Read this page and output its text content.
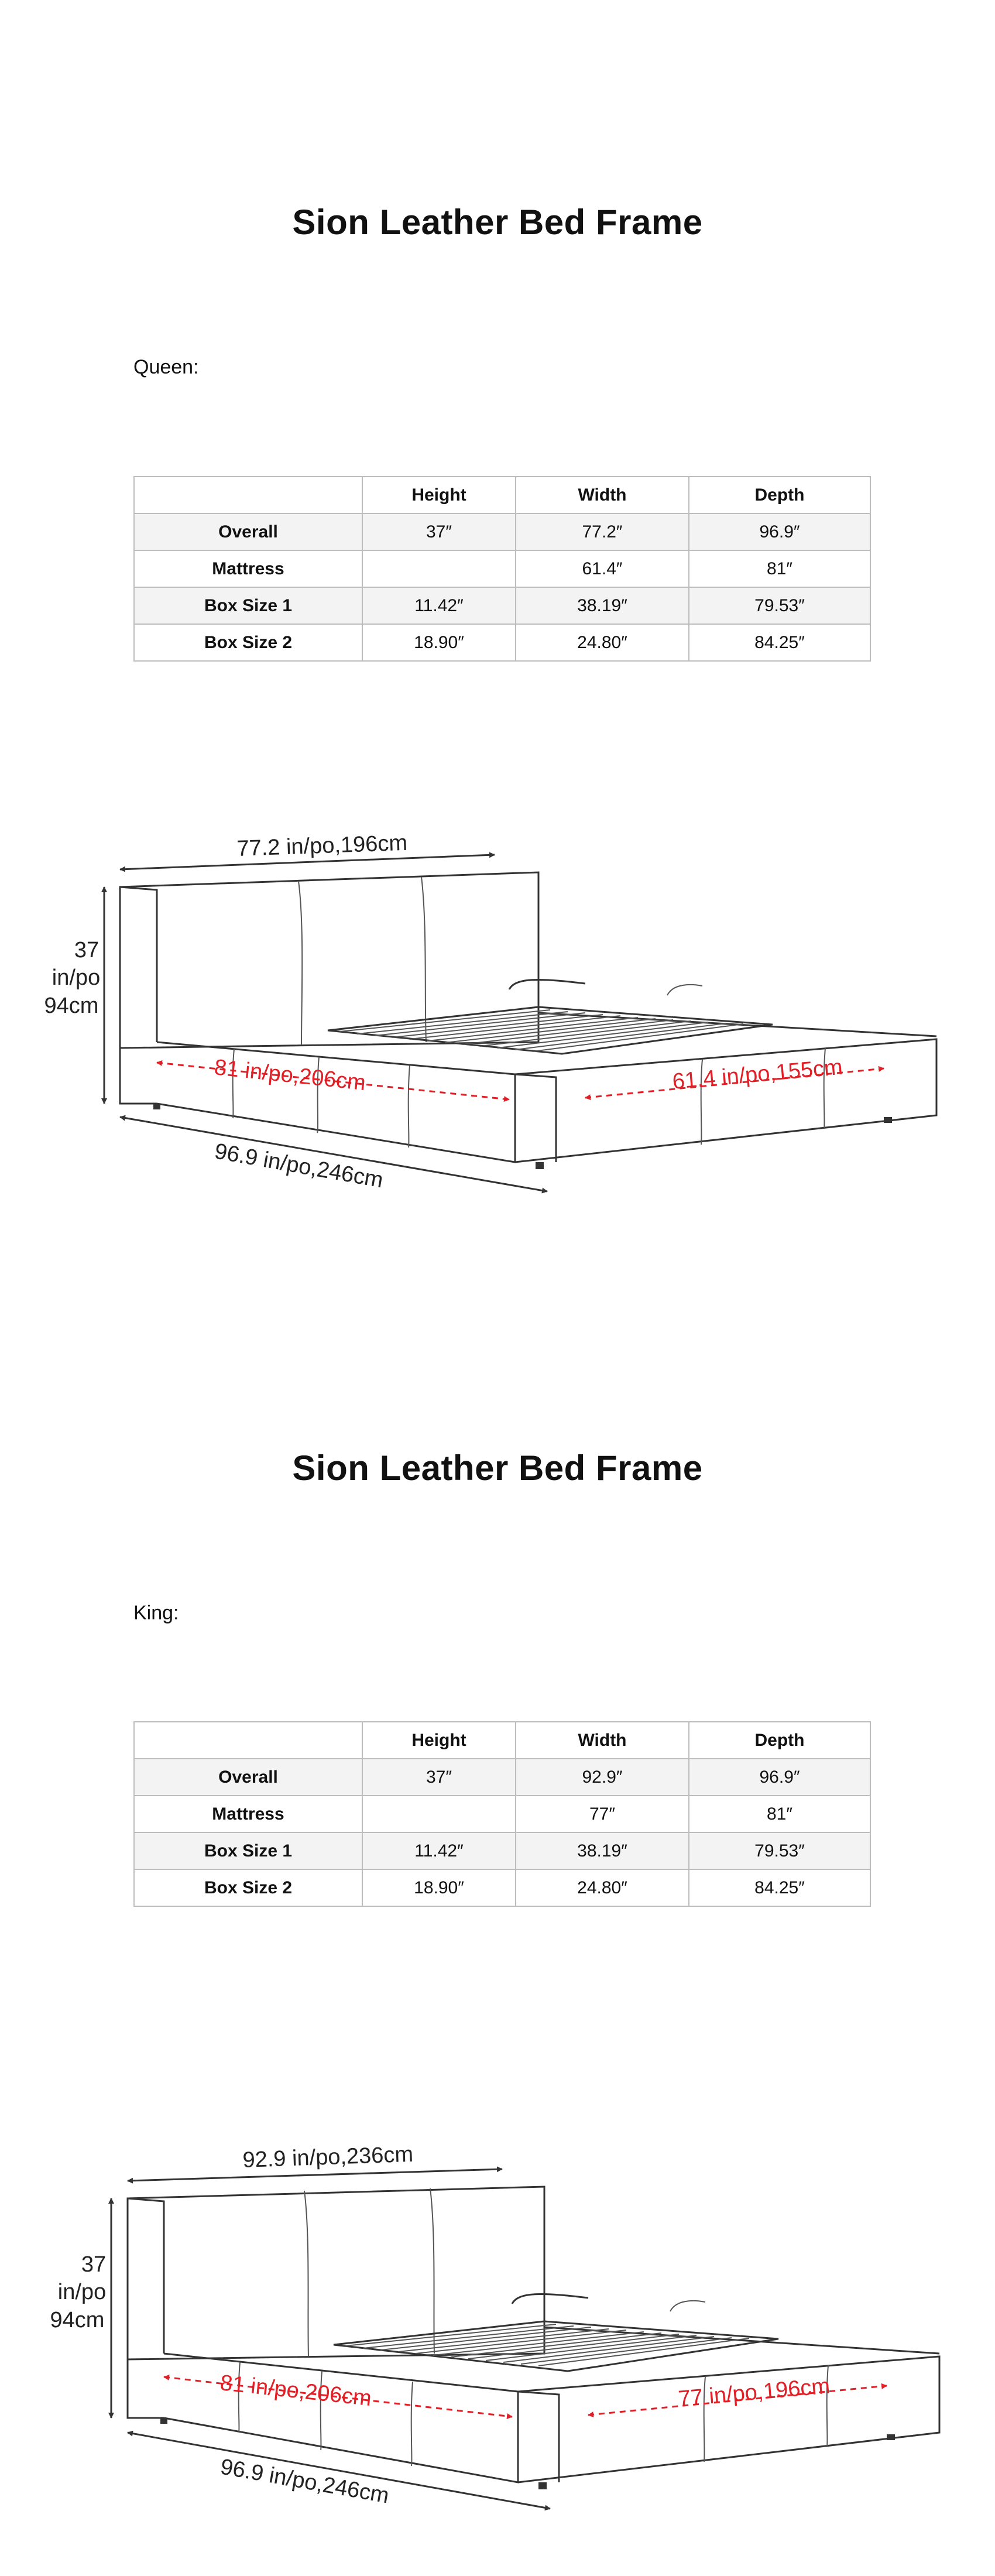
Sion Leather Bed Frame
Queen:
	Height	Width	Depth
Overall	37″	77.2″	96.9″
Mattress		61.4″	81″
Box Size 1	11.42″	38.19″	79.53″
Box Size 2	18.90″	24.80″	84.25″
77.2 in/po,196cm
37
in/po
94cm
96.9 in/po,246cm
81 in/po,206cm	61.4 in/po,155cm
Sion Leather Bed Frame
King:
	Height	Width	Depth
Overall	37″	92.9″	96.9″
Mattress		77″	81″
Box Size 1	11.42″	38.19″	79.53″
Box Size 2	18.90″	24.80″	84.25″
92.9 in/po,236cm
37
in/po
94cm
96.9 in/po,246cm
81 in/po,206cm	77 in/po,196cm
